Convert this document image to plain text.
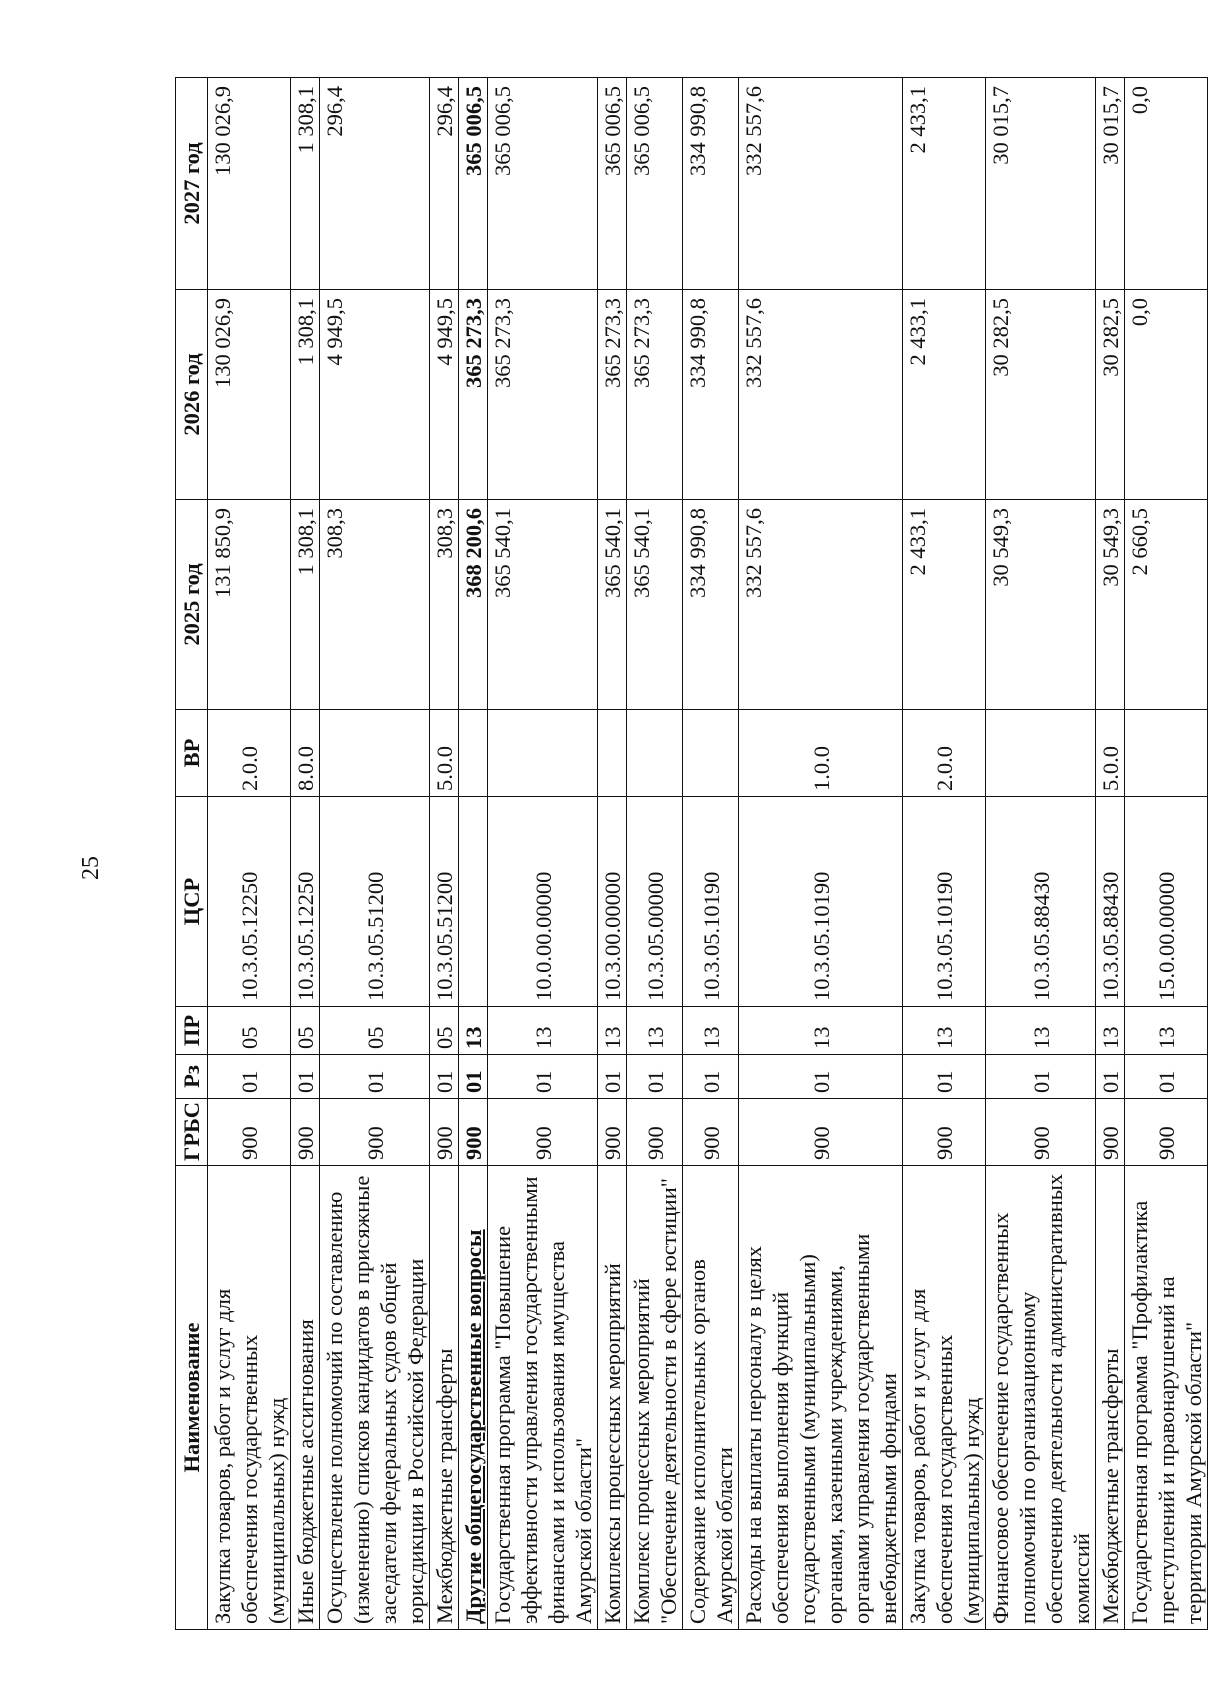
25
Наименование	ГРБС	Рз	ПР	ЦСР	ВР	2025 год	2026 год	2027 год
Закупка товаров, работ и услуг для обеспечения государственных (муниципальных) нужд	900	01	05	10.3.05.12250	2.0.0	131 850,9	130 026,9	130 026,9
Иные бюджетные ассигнования	900	01	05	10.3.05.12250	8.0.0	1 308,1	1 308,1	1 308,1
Осуществление полномочий по составлению (изменению) списков кандидатов в присяжные заседатели федеральных судов общей юрисдикции в Российской Федерации	900	01	05	10.3.05.51200		308,3	4 949,5	296,4
Межбюджетные трансферты	900	01	05	10.3.05.51200	5.0.0	308,3	4 949,5	296,4
Другие общегосударственные вопросы	900	01	13			368 200,6	365 273,3	365 006,5
Государственная программа "Повышение эффективности управления государственными финансами и использования имущества Амурской области"	900	01	13	10.0.00.00000		365 540,1	365 273,3	365 006,5
Комплексы процессных мероприятий	900	01	13	10.3.00.00000		365 540,1	365 273,3	365 006,5
Комплекс процессных мероприятий "Обеспечение деятельности в сфере юстиции"	900	01	13	10.3.05.00000		365 540,1	365 273,3	365 006,5
Содержание исполнительных органов Амурской области	900	01	13	10.3.05.10190		334 990,8	334 990,8	334 990,8
Расходы на выплаты персоналу в целях обеспечения выполнения функций государственными (муниципальными) органами, казенными учреждениями, органами управления государственными внебюджетными фондами	900	01	13	10.3.05.10190	1.0.0	332 557,6	332 557,6	332 557,6
Закупка товаров, работ и услуг для обеспечения государственных (муниципальных) нужд	900	01	13	10.3.05.10190	2.0.0	2 433,1	2 433,1	2 433,1
Финансовое обеспечение государственных полномочий по организационному обеспечению деятельности административных комиссий	900	01	13	10.3.05.88430		30 549,3	30 282,5	30 015,7
Межбюджетные трансферты	900	01	13	10.3.05.88430	5.0.0	30 549,3	30 282,5	30 015,7
Государственная программа "Профилактика преступлений и правонарушений на территории Амурской области"	900	01	13	15.0.00.00000		2 660,5	0,0	0,0
